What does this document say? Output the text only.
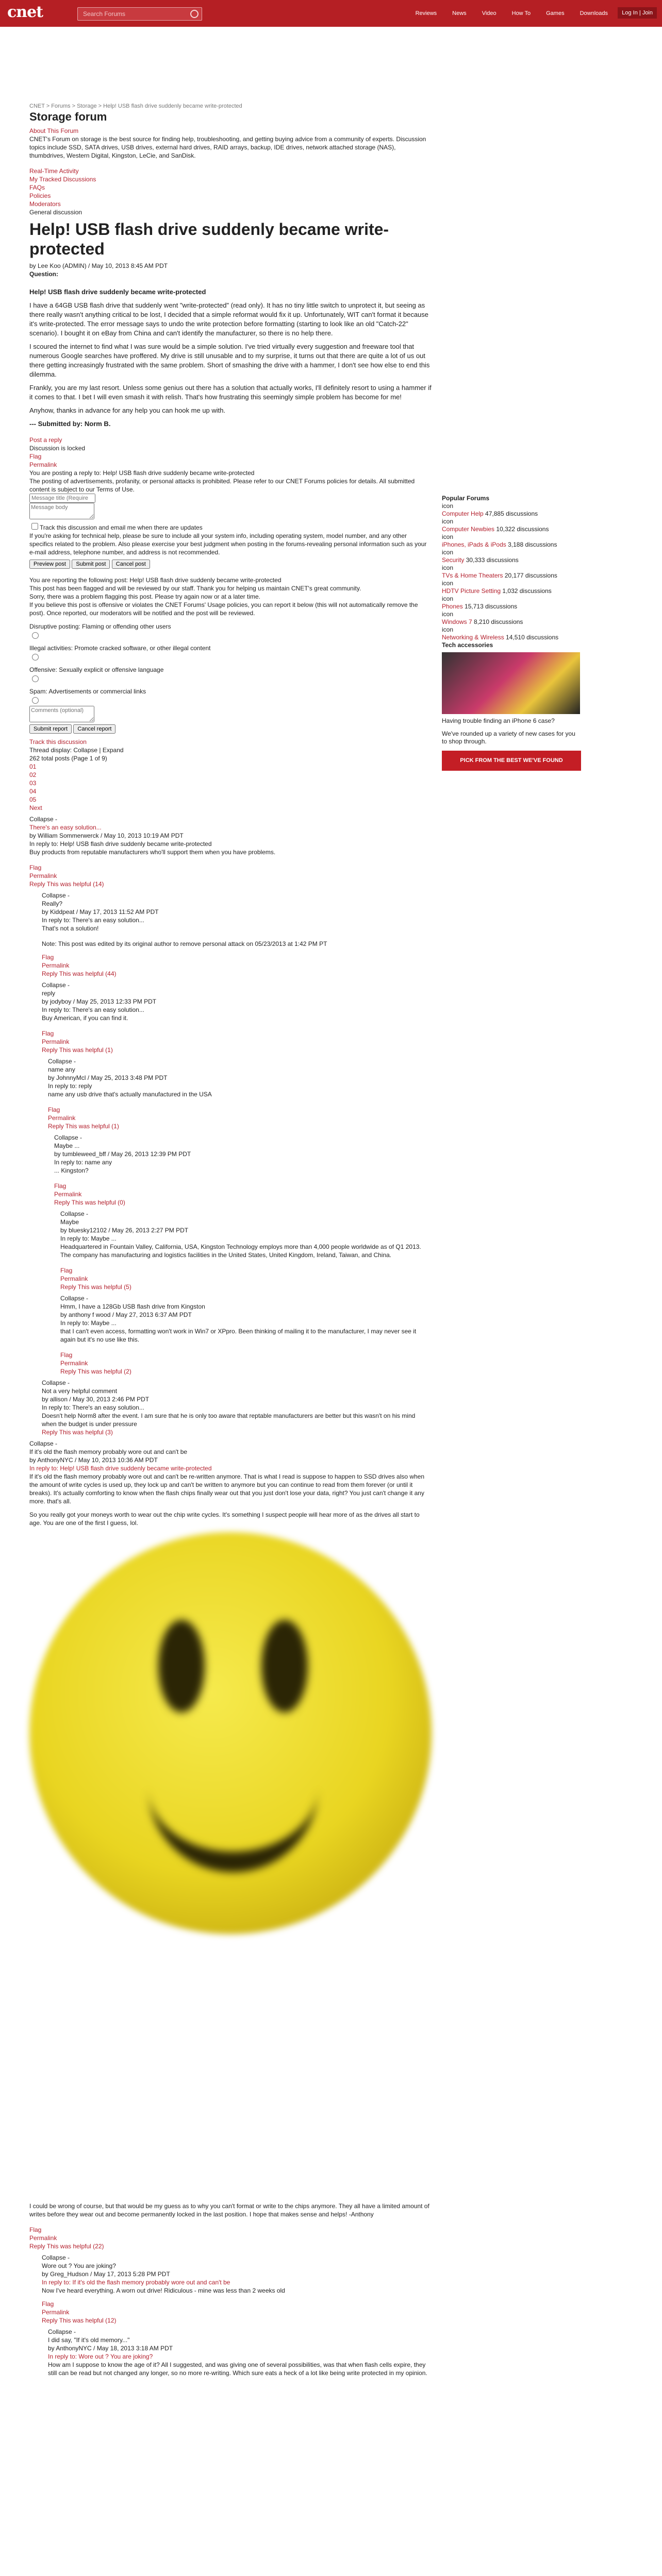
cnet	Search Forums	Reviews	News	Video	How To	Games	Downloads	Log In | Join
CNET > Forums > Storage > Help! USB flash drive suddenly became write-protected
Storage forum
About This Forum
CNET's Forum on storage is the best source for finding help, troubleshooting, and getting buying advice from a community of experts. Discussion topics include SSD, SATA drives, USB drives, external hard drives, RAID arrays, backup, IDE drives, network attached storage (NAS), thumbdrives, Western Digital, Kingston, LeCie, and SanDisk.
Real-Time Activity
My Tracked Discussions
FAQs
Policies
Moderators
General discussion
Help! USB flash drive suddenly became write-protected
by Lee Koo (ADMIN) / May 10, 2013 8:45 AM PDT
Question:
Help! USB flash drive suddenly became write-protected
I have a 64GB USB flash drive that suddenly went "write-protected" (read only). It has no tiny little switch to unprotect it, but seeing as there really wasn't anything critical to be lost, I decided that a simple reformat would fix it up. Unfortunately, WIT can't format it because it's write-protected. The error message says to undo the write protection before formatting (starting to look like an old "Catch-22" scenario). I bought it on eBay from China and can't identify the manufacturer, so there is no help there.
I scoured the internet to find what I was sure would be a simple solution. I've tried virtually every suggestion and freeware tool that numerous Google searches have proffered. My drive is still unusable and to my surprise, it turns out that there are quite a lot of us out there getting increasingly frustrated with the same problem. Short of smashing the drive with a hammer, I don't see how else to end this dilemma.
Frankly, you are my last resort. Unless some genius out there has a solution that actually works, I'll definitely resort to using a hammer if it comes to that. I bet I will even smash it with relish. That's how frustrating this seemingly simple problem has become for me!
Anyhow, thanks in advance for any help you can hook me up with.
--- Submitted by: Norm B.
Post a reply
Discussion is locked
Flag
Permalink
You are posting a reply to: Help! USB flash drive suddenly became write-protected
The posting of advertisements, profanity, or personal attacks is prohibited. Please refer to our CNET Forums policies for details. All submitted content is subject to our Terms of Use.
Message title (Require
Message body
Track this discussion and email me when there are updates
If you're asking for technical help, please be sure to include all your system info, including operating system, model number, and any other specifics related to the problem. Also please exercise your best judgment when posting in the forums-revealing personal information such as your e-mail address, telephone number, and address is not recommended.
Preview post Submit post Cancel post
You are reporting the following post: Help! USB flash drive suddenly became write-protected
This post has been flagged and will be reviewed by our staff. Thank you for helping us maintain CNET's great community.
Sorry, there was a problem flagging this post. Please try again now or at a later time.
If you believe this post is offensive or violates the CNET Forums' Usage policies, you can report it below (this will not automatically remove the post). Once reported, our moderators will be notified and the post will be reviewed.
Disruptive posting: Flaming or offending other users
Illegal activities: Promote cracked software, or other illegal content
Offensive: Sexually explicit or offensive language
Spam: Advertisements or commercial links

Comments (optional)
Submit report Cancel report
Track this discussion
Thread display: Collapse | Expand
262 total posts (Page 1 of 9)
01
02
03
04
05
Next
Collapse -
There's an easy solution...
by William Sommerwerck / May 10, 2013 10:19 AM PDT
In reply to: Help! USB flash drive suddenly became write-protected
Buy products from reputable manufacturers who'll support them when you have problems.
Flag
Permalink
Reply This was helpful (14)
Collapse -
Really?
by Kiddpeat / May 17, 2013 11:52 AM PDT
In reply to: There's an easy solution...
That's not a solution!
Note: This post was edited by its original author to remove personal attack on 05/23/2013 at 1:42 PM PT
Flag
Permalink
Reply This was helpful (44)
Collapse -
reply
by jodyboy / May 25, 2013 12:33 PM PDT
In reply to: There's an easy solution...
Buy American, if you can find it.
Flag
Permalink
Reply This was helpful (1)
Collapse -
name any
by JohnnyMcl / May 25, 2013 3:48 PM PDT
In reply to: reply
name any usb drive that's actually manufactured in the USA
Flag
Permalink
Reply This was helpful (1)
Collapse -
Maybe ...
by tumbleweed_bff / May 26, 2013 12:39 PM PDT
In reply to: name any
... Kingston?
Flag
Permalink
Reply This was helpful (0)
Collapse -
Maybe
by bluesky12102 / May 26, 2013 2:27 PM PDT
In reply to: Maybe ...
Headquartered in Fountain Valley, California, USA, Kingston Technology employs more than 4,000 people worldwide as of Q1 2013. The company has manufacturing and logistics facilities in the United States, United Kingdom, Ireland, Taiwan, and China.
Flag
Permalink
Reply This was helpful (5)
Collapse -
Hmm, I have a 128Gb USB flash drive from Kingston
by anthony f wood / May 27, 2013 6:37 AM PDT
In reply to: Maybe ...
that I can't even access, formatting won't work in Win7 or XPpro. Been thinking of mailing it to the manufacturer, I may never see it again but it's no use like this.
Flag
Permalink
Reply This was helpful (2)
Collapse -
Not a very helpful comment
by allison / May 30, 2013 2:46 PM PDT
In reply to: There's an easy solution...
Doesn't help Norm8 after the event. I am sure that he is only too aware that reptable manufacturers are better but this wasn't on his mind when the budget is under pressure
Reply This was helpful (3)
Collapse -
If it's old the flash memory probably wore out and can't be
by AnthonyNYC / May 10, 2013 10:36 AM PDT
In reply to: Help! USB flash drive suddenly became write-protected
If it's old the flash memory probably wore out and can't be re-written anymore. That is what I read is suppose to happen to SSD drives also when the amount of write cycles is used up, they lock up and can't be written to anymore but you can continue to read from them forever (or until it breaks). It's actually comforting to know when the flash chips finally wear out that you just don't lose your data, right? You just can't change it any more. that's all.
So you really got your moneys worth to wear out the chip write cycles. It's something I suspect people will hear more of as the drives all start to age. You are one of the first I guess, lol.
I could be wrong of course, but that would be my guess as to why you can't format or write to the chips anymore. They all have a limited amount of writes before they wear out and become permanently locked in the last position. I hope that makes sense and helps! -Anthony
Flag
Permalink
Reply This was helpful (22)
Collapse -
Wore out ? You are joking?
by Greg_Hudson / May 17, 2013 5:28 PM PDT
In reply to: If it's old the flash memory probably wore out and can't be
Now I've heard everything. A worn out drive! Ridiculous - mine was less than 2 weeks old
Flag
Permalink
Reply This was helpful (12)
Collapse -
I did say, "If it's old memory..."
by AnthonyNYC / May 18, 2013 3:18 AM PDT
In reply to: Wore out ? You are joking?
How am I suppose to know the age of it? All I suggested, and was giving one of several possibilities, was that when flash cells expire, they still can be read but not changed any longer, so no more re-writing. Which sure eats a heck of a lot like being write protected in my opinion.
Popular Forums
icon
Computer Help 47,885 discussions
icon
Computer Newbies 10,322 discussions
icon
iPhones, iPads & iPods 3,188 discussions
icon
Security 30,333 discussions
icon
TVs & Home Theaters 20,177 discussions
icon
HDTV Picture Setting 1,032 discussions
icon
Phones 15,713 discussions
icon
Windows 7 8,210 discussions
icon
Networking & Wireless 14,510 discussions
Tech accessories
Having trouble finding an iPhone 6 case?
We've rounded up a variety of new cases for you to shop through.
PICK FROM THE BEST WE'VE FOUND
